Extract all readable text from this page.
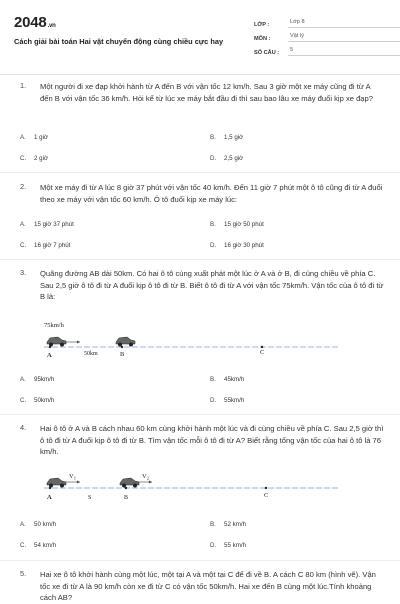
2048.vn
Cách giải bài toán Hai vật chuyển động cùng chiều cực hay
LỚP :	Lớp 8
MÔN :	Vật lý
SỐ CÂU :	5
1. Một người đi xe đạp khởi hành từ A đến B với vận tốc 12 km/h. Sau 3 giờ một xe máy cũng đi từ A đến B với vận tốc 36 km/h. Hỏi kể từ lúc xe máy bắt đầu đi thì sau bao lâu xe máy đuổi kịp xe đạp?
A. 1 giờ	B. 1,5 giờ
C. 2 giờ	D. 2,5 giờ
2. Một xe máy đi từ A lúc 8 giờ 37 phút với vận tốc 40 km/h. Đến 11 giờ 7 phút một ô tô cũng đi từ A đuổi theo xe máy với vận tốc 60 km/h. Ô tô đuổi kịp xe máy lúc:
A. 15 giờ 37 phút	B. 15 giờ 50 phút
C. 16 giờ 7 phút	D. 16 giờ 30 phút
3. Quãng đường AB dài 50km. Có hai ô tô cùng xuất phát một lúc ở A và ở B, đi cùng chiều về phía C. Sau 2,5 giờ ô tô đi từ A đuổi kịp ô tô đi từ B. Biết ô tô đi từ A với vận tốc 75km/h. Vận tốc của ô tô đi từ B là:
75km/h
A	50km	B	C
A. 95km/h	B. 45km/h
C. 50km/h	D. 55km/h
4. Hai ô tô ở A và B cách nhau 60 km cùng khởi hành một lúc và đi cùng chiều về phía C. Sau 2,5 giờ thì ô tô đi từ A đuổi kịp ô tô đi từ B. Tìm vận tốc mỗi ô tô đi từ A? Biết rằng tổng vận tốc của hai ô tô là 76 km/h.
$V_1$	$V_2$
A	S	B	C
A. 50 km/h	B. 52 km/h
C. 54 km/h	D. 55 km/h
5. Hai xe ô tô khởi hành cùng một lúc, một tại A và một tại C để đi về B. A cách C 80 km (hình vẽ). Vận tốc xe đi từ A là 90 km/h còn xe đi từ C có vận tốc 50km/h. Hai xe đến B cùng một lúc.Tính khoảng cách AB?
